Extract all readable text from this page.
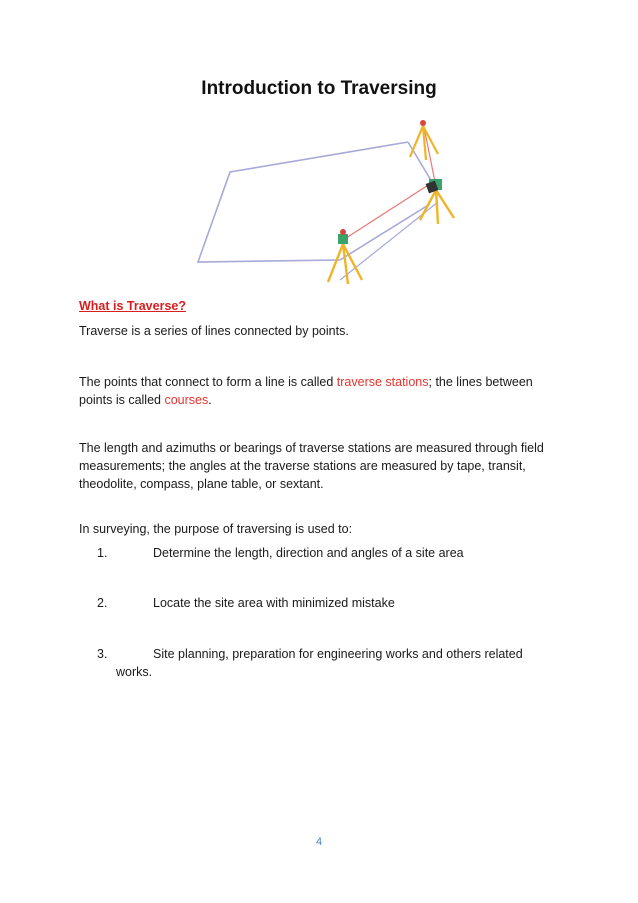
Introduction to Traversing
What is Traverse?
Traverse is a series of lines connected by points.
The points that connect to form a line is called traverse stations; the lines between points is called courses.
The length and azimuths or bearings of traverse stations are measured through field measurements; the angles at the traverse stations are measured by tape, transit, theodolite, compass, plane table, or sextant.
In surveying, the purpose of traversing is used to:
1.	Determine the length, direction and angles of a site area
2.	Locate the site area with minimized mistake
3.	Site planning, preparation for engineering works and others related
works.
4
